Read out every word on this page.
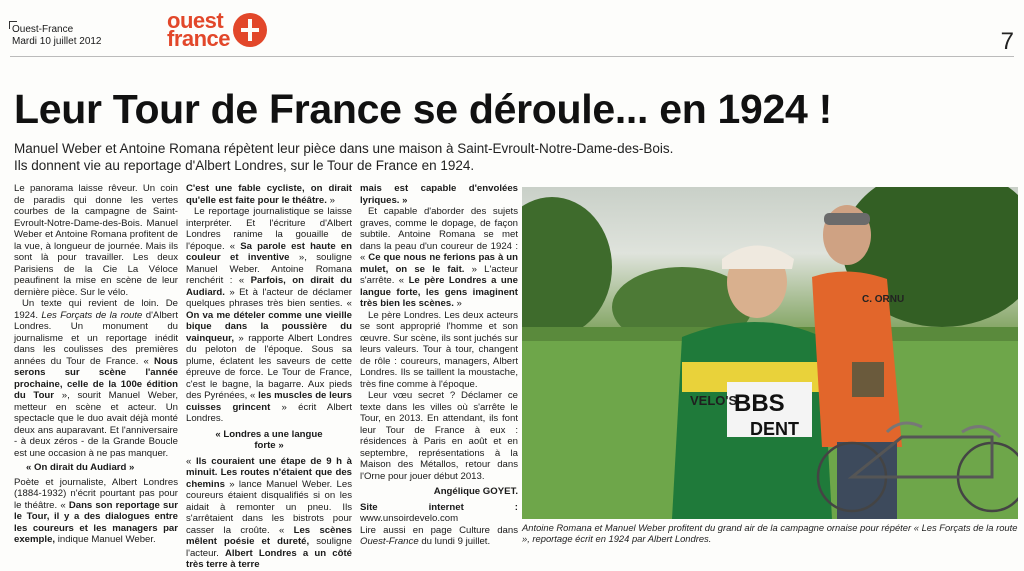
Ouest-France
Mardi 10 juillet 2012
ouest
france	7
Leur Tour de France se déroule... en 1924 !
Manuel Weber et Antoine Romana répètent leur pièce dans une maison à Saint-Evroult-Notre-Dame-des-Bois.
Ils donnent vie au reportage d'Albert Londres, sur le Tour de France en 1924.

Le panorama laisse rêveur. Un coin de paradis qui donne les vertes courbes de la campagne de Saint-Evroult-Notre-Dame-des-Bois. Manuel Weber et Antoine Romana profitent de la vue, à longueur de journée. Mais ils sont là pour travailler. Les deux Parisiens de la Cie La Véloce peaufinent la mise en scène de leur dernière pièce. Sur le vélo.

Un texte qui revient de loin. De 1924. Les Forçats de la route d'Albert Londres. Un monument du journalisme et un reportage inédit dans les coulisses des premières années du Tour de France. « Nous serons sur scène l'année prochaine, celle de la 100e édition du Tour », sourit Manuel Weber, metteur en scène et acteur. Un spectacle que le duo avait déjà monté deux ans auparavant. Et l'anniversaire - à deux zéros - de la Grande Boucle est une occasion à ne pas manquer.

« On dirait du Audiard »

Poète et journaliste, Albert Londres (1884-1932) n'écrit pourtant pas pour le théâtre. « Dans son reportage sur le Tour, il y a des dialogues entre les coureurs et les managers par exemple, indique Manuel Weber.

C'est une fable cycliste, on dirait qu'elle est faite pour le théâtre. »

Le reportage journalistique se laisse interpréter. Et l'écriture d'Albert Londres ranime la gouaille de l'époque. « Sa parole est haute en couleur et inventive », souligne Manuel Weber. Antoine Romana renchérit : « Parfois, on dirait du Audiard. » Et à l'acteur de déclamer quelques phrases très bien senties. « On va me dételer comme une vieille bique dans la poussière du vainqueur, » rapporte Albert Londres du peloton de l'époque. Sous sa plume, éclatent les saveurs de cette épreuve de force. Le Tour de France, c'est le bagne, la bagarre. Aux pieds des Pyrénées, « les muscles de leurs cuisses grincent » écrit Albert Londres.

« Londres a une langue forte »

« Ils couraient une étape de 9 h à minuit. Les routes n'étaient que des chemins » lance Manuel Weber. Les coureurs étaient disqualifiés si on les aidait à remonter un pneu. Ils s'arrêtaient dans les bistrots pour casser la croûte. « Les scènes mêlent poésie et dureté, souligne l'acteur. Albert Londres a un côté très terre à terre

mais est capable d'envolées lyriques. »

Et capable d'aborder des sujets graves, comme le dopage, de façon subtile. Antoine Romana se met dans la peau d'un coureur de 1924 : « Ce que nous ne ferions pas à un mulet, on se le fait. » L'acteur s'arrête. « Le père Londres a une langue forte, les gens imaginent très bien les scènes. »

Le père Londres. Les deux acteurs se sont approprié l'homme et son œuvre. Sur scène, ils sont juchés sur leurs valeurs. Tour à tour, changent de rôle : coureurs, managers, Albert Londres. Ils se taillent la moustache, très fine comme à l'époque.

Leur vœu secret ? Déclamer ce texte dans les villes où s'arrête le Tour, en 2013. En attendant, ils font leur Tour de France à eux : résidences à Paris en août et en septembre, représentations à la Maison des Métallos, retour dans l'Orne pour jouer début 2013.

Angélique GOYET.

Site internet : www.unsoirdevelo.com

Lire aussi en page Culture dans Ouest-France du lundi 9 juillet.

VELO'S
BBS
DENT
C. ORNU
Antoine Romana et Manuel Weber profitent du grand air de la campagne ornaise pour répéter « Les Forçats de la route », reportage écrit en 1924 par Albert Londres.
